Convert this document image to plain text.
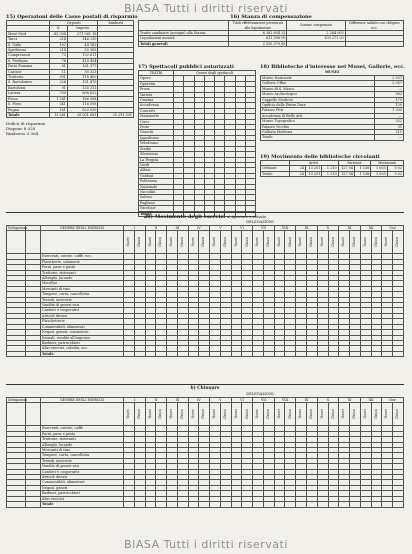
BIASA Tutti i diritti riservati
15) Operazioni delle Casse postali di risparmio
	Depositi		Rimborsi
	N.	Importo	
Mese Mod.	63 304	271 061 16	
Tacci	214	146 210	
S. Gallo	182	44 162	
Spedizioni	214	55 163	
Comprensori	73	102 611	
S. Frediano	78	410 424	
Porta Romana	61	161 577	
Cascine	11	55 323	
Trattoria	301	116 400	
S. Bartolomeo	226	151 470	
Bartolozzi	91	135 311	
Latiera	700	608 822	
Fosso	1 281	166 008	
S. Piero	341	116 008	
Pugna	161	622 030	
Totale	13 261	28 001 081	25 291 531
Deficit di risparmio
Dispone 8 028
Rimborso 3 364
16) Stanza di compensazione
	Titoli effettivamente presentati alla liquidazione	Somme compensate	Differenze saldate con chèques ecc.
Tratte cambiarie (assegni) alla Stanza	6 302 604 22	2 264 003	
Liquidazioni mensili	611 396 00	100 271 20	
Totali generali	2 556 379 88		
17) Spettacoli pubblici autorizzati
TEATRI	Generi degli spettacoli							
Opera								
Operetta								
Prosa								
Varietà								
Cinema								
Accademia								
Concerti								
Marionette								
Circo								
Feste								
Giuochi								
Ippodromo								
Velodromo								
Stadio								
Sferisterio								
La Pergola								
Verdi								
Alfieri								
Goldoni								
Politeama								
Nazionale								
Niccolini								
Salvini								
Pagliano								
Excelsior								
Totale								
18) Biblioteche d'interesse nei Musei, Gallerie, ecc.
MUSEI
Museo Nazionale	2 557
Galleria Uffizi	2 057
Museo di S. Marco	—
Museo Archeologico	563
Cappelle Medicee	175
Opificio delle Pietre Dure	120
Palazzo Pitti	1 200
Accademia di Belle Arti	—
Museo Topografico	252
Palazzo Vecchio	31
Galleria Moderna	211
Totale	—
19) Movimento delle biblioteche circolanti
	Arrivi			Partenze		Movimento	
Ordinari	24	13 201	1 210	127 94	1 138	1 005	5 02
Totale	24	13 201	1 210	127 94	1 138	1 005	5 02
20) Movimento degli esercizi a) Aperture e attivate
DELEGAZIONI
Delegazioni		GENERE DEGLI ESERCIZI	I		II		III		IV		V		VI		VII		VIII		IX		X		XI		XII		Gov.	
			Nuovi	Chiusi	Nuovi	Chiusi	Nuovi	Chiusi	Nuovi	Chiusi	Nuovi	Chiusi	Nuovi	Chiusi	Nuovi	Chiusi	Nuovi	Chiusi	Nuovi	Chiusi	Nuovi	Chiusi	Nuovi	Chiusi	Nuovi	Chiusi	Nuovi	Chiusi
		Esercenti, osterie, caffè, ecc.																										
		Pizzicherie, salumerie																										
		Forni, pane e pasta																										
		Trattorie, ristoranti																										
		Alberghi, locande																										
		Macellai																										
		Mercanti di vino																										
		Tempere, carta, cancelleria																										
		Tessuti, mercerie																										
		Vendite di generi vari																										
		Cantieri e cooperativi																										
		Articoli diversi																										
		Fiaschetterie																										
		Commestibili, alimentari																										
		Negozi, generi, commercio																										
		Sensali, vendite all'ingrosso																										
		Barbieri, parrucchieri																										
		Altri esercizi, calzolai, ecc.																										
		Totale																										
b) Chiusure
DELEGAZIONI
Delegazioni		GENERE DEGLI ESERCIZI	I		II		III		IV		V		VI		VII		VIII		IX		X		XI		XII		Gov.	
			Nuovi	Chiusi	Nuovi	Chiusi	Nuovi	Chiusi	Nuovi	Chiusi	Nuovi	Chiusi	Nuovi	Chiusi	Nuovi	Chiusi	Nuovi	Chiusi	Nuovi	Chiusi	Nuovi	Chiusi	Nuovi	Chiusi	Nuovi	Chiusi	Nuovi	Chiusi
		Esercenti, osterie, caffè																										
		Forni, pane e pasta																										
		Trattorie, ristoranti																										
		Alberghi, locande																										
		Mercanti di vino																										
		Tempere, carta, cancelleria																										
		Tessuti, mercerie																										
		Vendite di generi vari																										
		Cantieri e cooperativi																										
		Articoli diversi																										
		Commestibili, alimentari																										
		Negozi, generi																										
		Barbieri, parrucchieri																										
		Altri esercizi																										
		Totale																										
BIASA Tutti i diritti riservati
